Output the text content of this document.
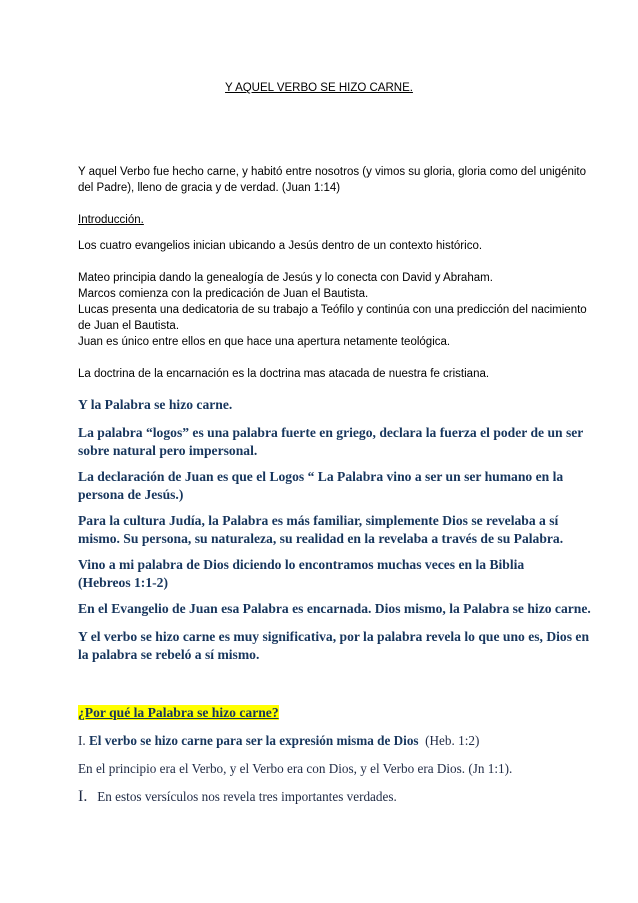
Y AQUEL VERBO SE HIZO CARNE.

Y aquel Verbo fue hecho carne, y habitó entre nosotros (y vimos su gloria, gloria como del unigénito del Padre), lleno de gracia y de verdad. (Juan 1:14)

Introducción.

Los cuatro evangelios inician ubicando a Jesús dentro de un contexto histórico.

Mateo principia dando la genealogía de Jesús y lo conecta con David y Abraham.
Marcos comienza con la predicación de Juan el Bautista.
Lucas presenta una dedicatoria de su trabajo a Teófilo y continúa con una predicción del nacimiento de Juan el Bautista.
Juan es único entre ellos en que hace una apertura netamente teológica.

La doctrina de la encarnación es la doctrina mas atacada de nuestra fe cristiana.

Y la Palabra se hizo carne.

La palabra “logos” es una palabra fuerte en griego, declara la fuerza el poder de un ser sobre natural pero impersonal.

La declaración de Juan es que el Logos “ La Palabra vino a ser un ser humano en la persona de Jesús.)

Para la cultura Judía, la Palabra es más familiar, simplemente Dios se revelaba a sí mismo. Su persona, su naturaleza, su realidad en la revelaba a través de su Palabra.

Vino a mi palabra de Dios diciendo lo encontramos muchas veces en la Biblia
(Hebreos 1:1-2)

En el Evangelio de Juan esa Palabra es encarnada. Dios mismo, la Palabra se hizo carne.

Y el verbo se hizo carne es muy significativa, por la palabra revela lo que uno es, Dios en la palabra se rebeló a sí mismo.

¿Por qué la Palabra se hizo carne?

I. El verbo se hizo carne para ser la expresión misma de Dios (Heb. 1:2)

En el principio era el Verbo, y el Verbo era con Dios, y el Verbo era Dios. (Jn 1:1).

I. En estos versículos nos revela tres importantes verdades.
